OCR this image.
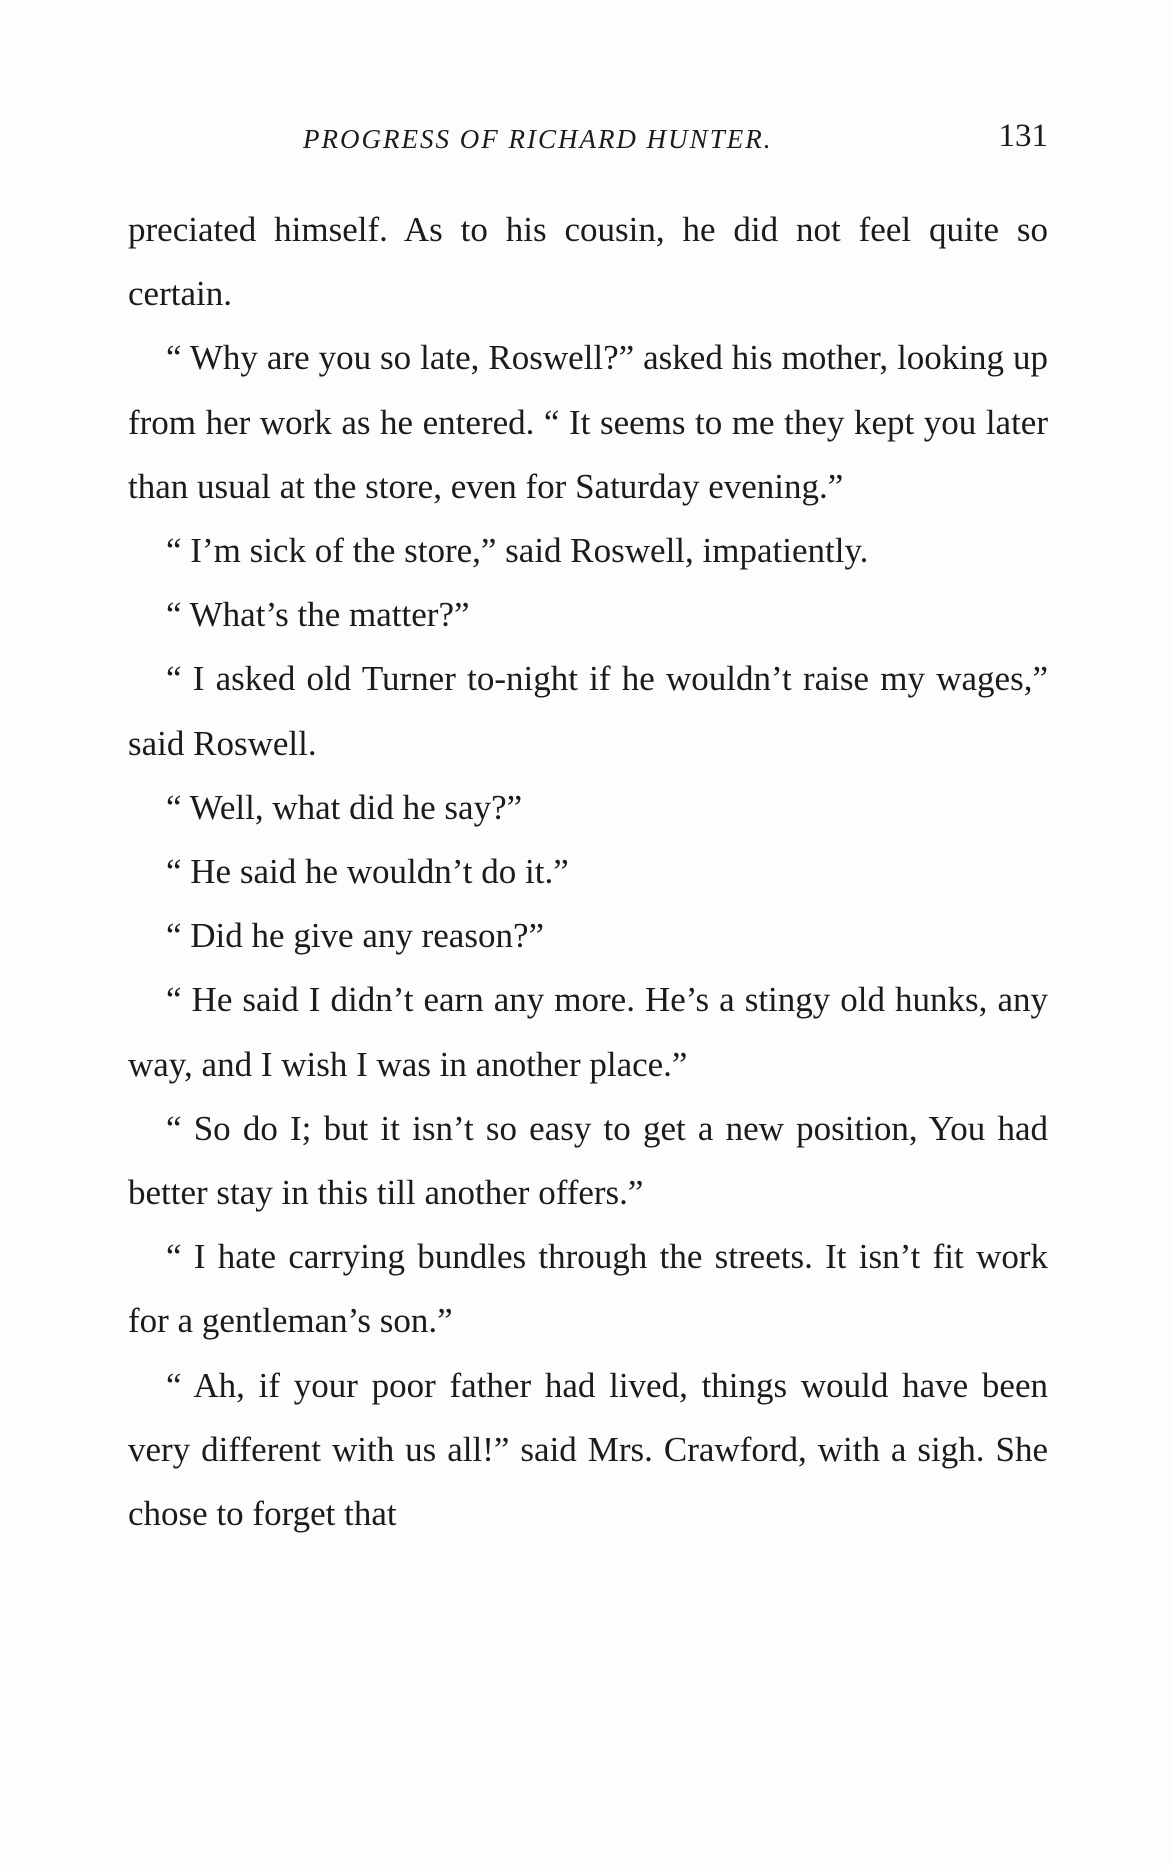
PROGRESS OF RICHARD HUNTER.	131

preciated himself. As to his cousin, he did not feel quite so certain.

“ Why are you so late, Roswell?” asked his mother, looking up from her work as he entered. “ It seems to me they kept you later than usual at the store, even for Saturday evening.”

“ I’m sick of the store,” said Roswell, impatiently.

“ What’s the matter?”

“ I asked old Turner to-night if he wouldn’t raise my wages,” said Roswell.

“ Well, what did he say?”

“ He said he wouldn’t do it.”

“ Did he give any reason?”

“ He said I didn’t earn any more. He’s a stingy old hunks, any way, and I wish I was in another place.”

“ So do I; but it isn’t so easy to get a new position, You had better stay in this till another offers.”

“ I hate carrying bundles through the streets. It isn’t fit work for a gentleman’s son.”

“ Ah, if your poor father had lived, things would have been very different with us all!” said Mrs. Crawford, with a sigh. She chose to forget that
